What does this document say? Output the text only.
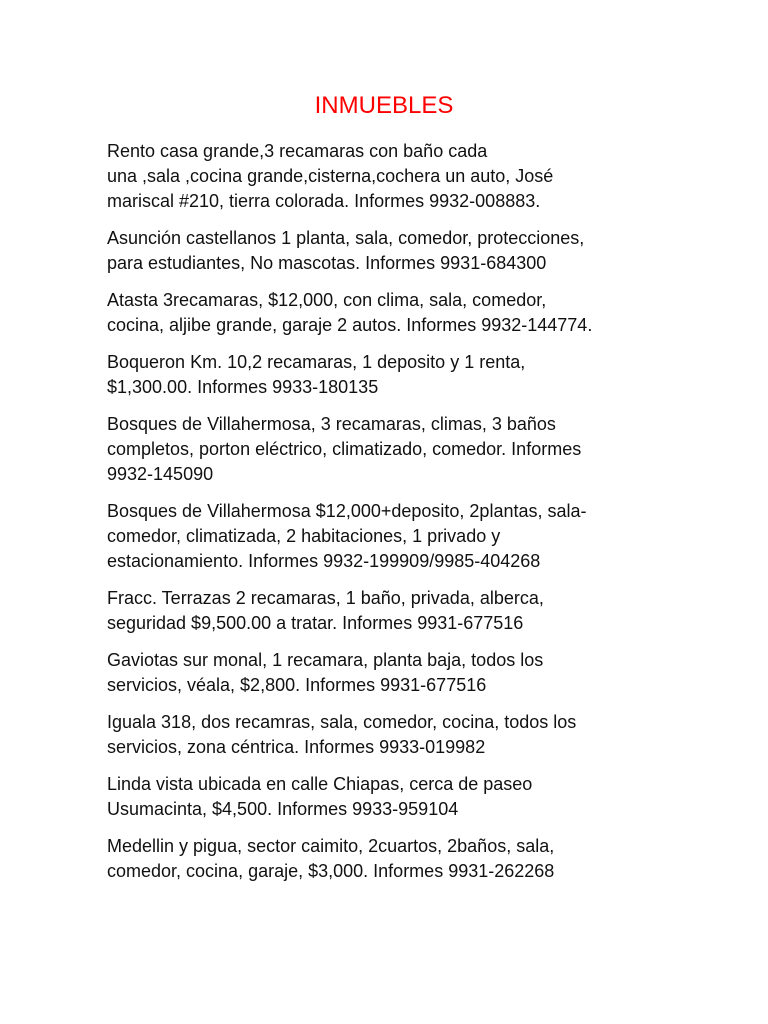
INMUEBLES

Rento casa grande,3 recamaras con baño cada
una ,sala ,cocina grande,cisterna,cochera un auto, José
mariscal #210, tierra colorada. Informes 9932-008883.

Asunción castellanos 1 planta, sala, comedor, protecciones,
para estudiantes, No mascotas. Informes 9931-684300

Atasta 3recamaras, $12,000, con clima, sala, comedor,
cocina, aljibe grande, garaje 2 autos. Informes 9932-144774.

Boqueron Km. 10,2 recamaras, 1 deposito y 1 renta,
$1,300.00. Informes 9933-180135

Bosques de Villahermosa, 3 recamaras, climas, 3 baños
completos, porton eléctrico, climatizado, comedor. Informes
9932-145090

Bosques de Villahermosa $12,000+deposito, 2plantas, sala-
comedor, climatizada, 2 habitaciones, 1 privado y
estacionamiento. Informes 9932-199909/9985-404268

Fracc. Terrazas 2 recamaras, 1 baño, privada, alberca,
seguridad $9,500.00 a tratar. Informes 9931-677516

Gaviotas sur monal, 1 recamara, planta baja, todos los
servicios, véala, $2,800. Informes 9931-677516

Iguala 318, dos recamras, sala, comedor, cocina, todos los
servicios, zona céntrica. Informes 9933-019982

Linda vista ubicada en calle Chiapas, cerca de paseo
Usumacinta, $4,500. Informes 9933-959104

Medellin y pigua, sector caimito, 2cuartos, 2baños, sala,
comedor, cocina, garaje, $3,000. Informes 9931-262268
